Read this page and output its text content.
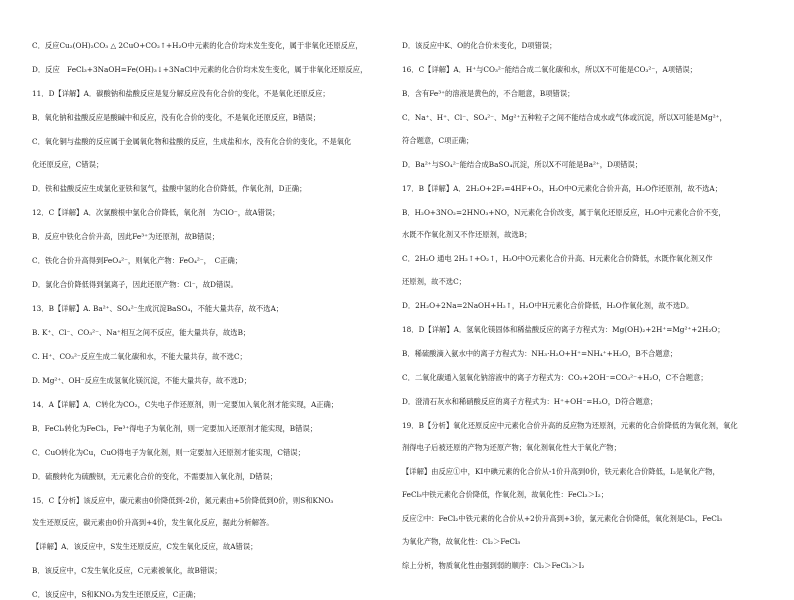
C．反应Cu₂(OH)₂CO₃ △ 2CuO+CO₂↑+H₂O中元素的化合价均未发生变化，属于非氧化还原反应，
D．反应　FeCl₃+3NaOH=Fe(OH)₃↓+3NaCl中元素的化合价均未发生变化，属于非氧化还原反应，
11．D【详解】A．碳酸钠和盐酸反应是复分解反应没有化合价的变化，不是氧化还原反应；
B．氧化钠和盐酸反应是酸碱中和反应，没有化合价的变化，不是氧化还原反应，B错误；
C．氧化铜与盐酸的反应属于金属氧化物和盐酸的反应，生成盐和水，没有化合价的变化，不是氧化
化还原反应，C错误；
D．铁和盐酸反应生成氯化亚铁和氢气，盐酸中氢的化合价降低，作氧化剂，D正确；
12．C【详解】A．次氯酸根中氯化合价降低，氧化剂　为ClO⁻，故A错误；
B．反应中铁化合价升高，因此Fe³⁺为还原剂，故B错误；
C．铁化合价升高得到FeO₄²⁻，则氧化产物：FeO₄²⁻，　C正确；
D．氯化合价降低得到氯离子，因此还原产物：Cl⁻，故D错误。
13．B【详解】A. Ba²⁺、SO₄²⁻生成沉淀BaSO₄，不能大量共存，故不选A；
B. K⁺、Cl⁻、CO₃²⁻、Na⁺相互之间不反应，能大量共存，故选B；
C. H⁺、CO₃²⁻反应生成二氧化碳和水，不能大量共存，故不选C；
D. Mg²⁺、OH⁻反应生成氢氧化镁沉淀，不能大量共存，故不选D；
14．A【详解】A．C转化为CO₂，C失电子作还原剂，则一定要加入氧化剂才能实现，A正确；
B．FeCl₃转化为FeCl₂，Fe³⁺得电子为氧化剂，则一定要加入还原剂才能实现，B错误；
C．CuO转化为Cu，CuO得电子为氧化剂，则一定要加入还原剂才能实现，C错误；
D．硫酸转化为硫酸钡，无元素化合价的变化，不需要加入氧化剂，D错误；
15．C【分析】该反应中，碳元素由0价降低到-2价，氮元素由+5价降低到0价，则S和KNO₃
发生还原反应，碳元素由0价升高到+4价，发生氧化反应，据此分析解答。
【详解】A．该反应中，S发生还原反应，C发生氧化反应，故A错误；
B．该反应中，C发生氧化反应，C元素被氧化，故B错误；
C．该反应中，S和KNO₃为发生还原反应，C正确；
D．该反应中K、O的化合价未变化，D项错误；
16．C【详解】A．H⁺与CO₃²⁻能结合成二氧化碳和水，所以X不可能是CO₃²⁻，A项错误；
B．含有Fe³⁺的溶液是黄色的，不合题意，B项错误；
C．Na⁺、H⁺、Cl⁻、SO₄²⁻、Mg²⁺五种粒子之间不能结合成水或气体或沉淀，所以X可能是Mg²⁺，
符合题意，C项正确；
D．Ba²⁺与SO₄²⁻能结合成BaSO₄沉淀，所以X不可能是Ba²⁺，D项错误；
17．B【详解】A．2H₂O+2F₂=4HF+O₂，H₂O中O元素化合价升高，H₂O作还原剂，故不选A；
B．H₂O+3NO₂=2HNO₃+NO，N元素化合价改变，属于氧化还原反应，H₂O中元素化合价不变，
水既不作氧化剂又不作还原剂，故选B；
C．2H₂O 通电 2H₂↑+O₂↑，H₂O中O元素化合价升高、H元素化合价降低，水既作氧化剂又作
还原剂，故不选C；
D．2H₂O+2Na=2NaOH+H₂↑，H₂O中H元素化合价降低，H₂O作氧化剂，故不选D。
18．D【详解】A．氢氧化镁固体和稀盐酸反应的离子方程式为：Mg(OH)₂+2H⁺=Mg²⁺+2H₂O；
B．稀硫酸滴入氨水中的离子方程式为：NH₃·H₂O+H⁺=NH₄⁺+H₂O，B不合题意；
C．二氧化碳通入氢氧化钠溶液中的离子方程式为：CO₂+2OH⁻=CO₃²⁻+H₂O，C不合题意；
D．澄清石灰水和稀硝酸反应的离子方程式为：H⁺+OH⁻=H₂O，D符合题意；
19．B【分析】氧化还原反应中元素化合价升高的反应物为还原剂，元素的化合价降低的为氧化剂，氧化
剂得电子后被还原的产物为还原产物；氧化剂氧化性大于氧化产物；
【详解】由反应①中，KI中碘元素的化合价从-1价升高到0价，铁元素化合价降低，I₂是氧化产物，
FeCl₃中铁元素化合价降低，作氧化剂，故氧化性：FeCl₃＞I₂；
反应②中：FeCl₂中铁元素的化合价从+2价升高到+3价，氯元素化合价降低，氧化剂是Cl₂，FeCl₃
为氧化产物，故氧化性：Cl₂＞FeCl₃
综上分析，物质氧化性由强到弱的顺序：Cl₂＞FeCl₃＞I₂
